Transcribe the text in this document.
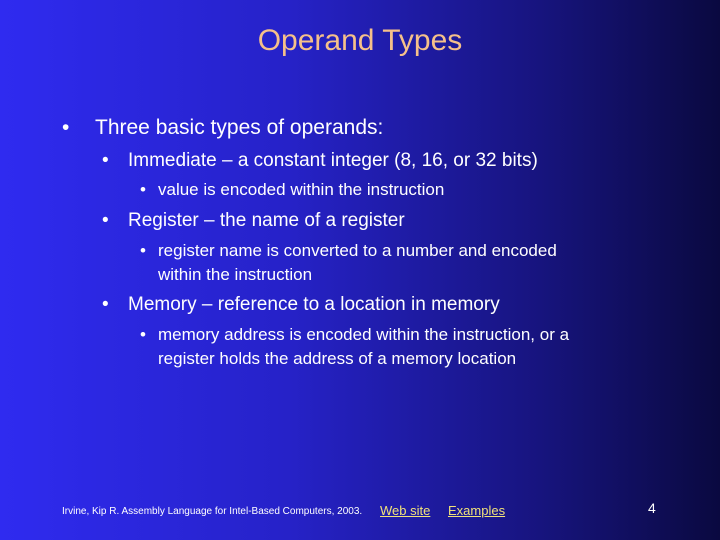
Operand Types
• Three basic types of operands:

• Immediate – a constant integer (8, 16, or 32 bits)

• value is encoded within the instruction

• Register – the name of a register

• register name is converted to a number and encoded

within the instruction

• Memory – reference to a location in memory

• memory address is encoded within the instruction, or a

register holds the address of a memory location

Irvine, Kip R. Assembly Language for Intel-Based Computers, 2003. Web site Examples	4
